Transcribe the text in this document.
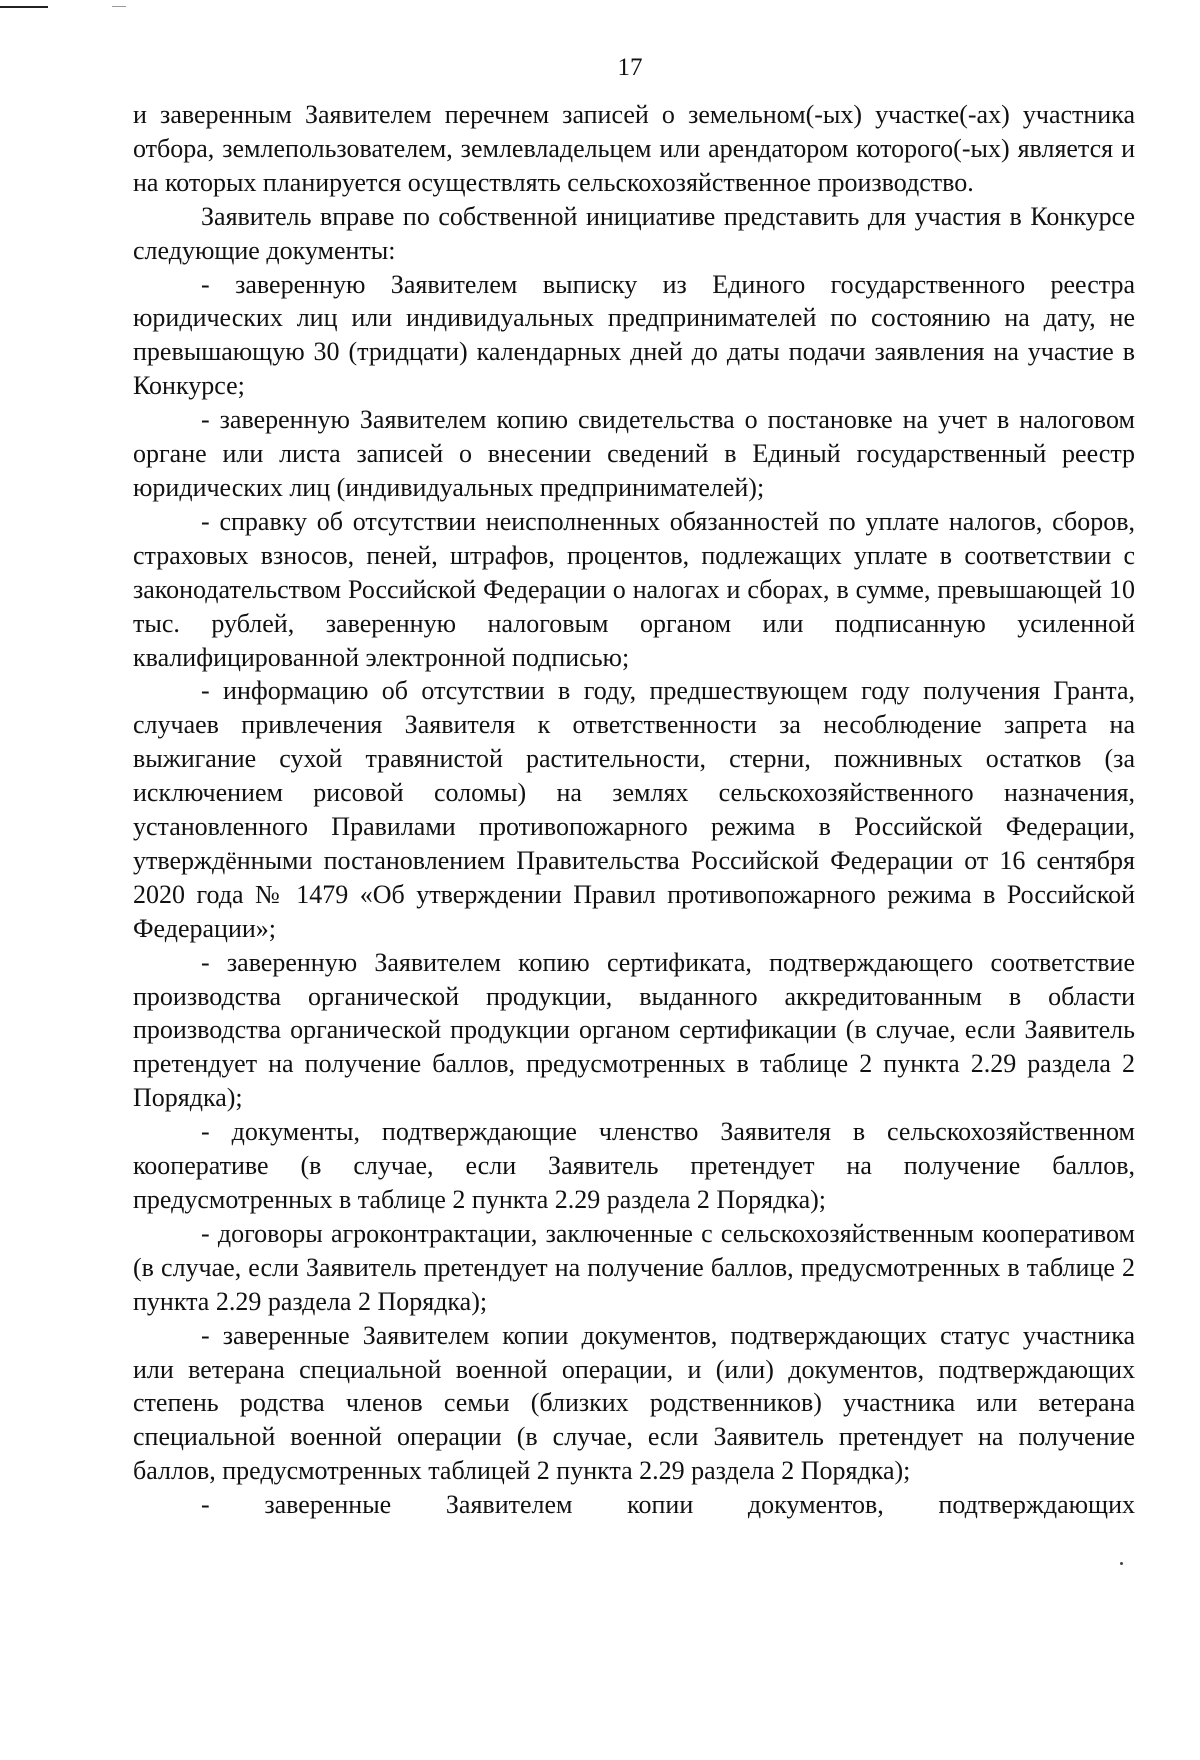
17

и заверенным Заявителем перечнем записей о земельном(-ых) участке(-ах) участника отбора, землепользователем, землевладельцем или арендатором которого(-ых) является и на которых планируется осуществлять сельскохозяйственное производство.

Заявитель вправе по собственной инициативе представить для участия в Конкурсе следующие документы:

- заверенную Заявителем выписку из Единого государственного реестра юридических лиц или индивидуальных предпринимателей по состоянию на дату, не превышающую 30 (тридцати) календарных дней до даты подачи заявления на участие в Конкурсе;

- заверенную Заявителем копию свидетельства о постановке на учет в налоговом органе или листа записей о внесении сведений в Единый государственный реестр юридических лиц (индивидуальных предпринимателей);

- справку об отсутствии неисполненных обязанностей по уплате налогов, сборов, страховых взносов, пеней, штрафов, процентов, подлежащих уплате в соответствии с законодательством Российской Федерации о налогах и сборах, в сумме, превышающей 10 тыс. рублей, заверенную налоговым органом или подписанную усиленной квалифицированной электронной подписью;

- информацию об отсутствии в году, предшествующем году получения Гранта, случаев привлечения Заявителя к ответственности за несоблюдение запрета на выжигание сухой травянистой растительности, стерни, пожнивных остатков (за исключением рисовой соломы) на землях сельскохозяйственного назначения, установленного Правилами противопожарного режима в Российской Федерации, утверждёнными постановлением Правительства Российской Федерации от 16 сентября 2020 года № 1479 «Об утверждении Правил противопожарного режима в Российской Федерации»;

- заверенную Заявителем копию сертификата, подтверждающего соответствие производства органической продукции, выданного аккредитованным в области производства органической продукции органом сертификации (в случае, если Заявитель претендует на получение баллов, предусмотренных в таблице 2 пункта 2.29 раздела 2 Порядка);

- документы, подтверждающие членство Заявителя в сельскохозяйственном кооперативе (в случае, если Заявитель претендует на получение баллов, предусмотренных в таблице 2 пункта 2.29 раздела 2 Порядка);

- договоры агроконтрактации, заключенные с сельскохозяйственным кооперативом (в случае, если Заявитель претендует на получение баллов, предусмотренных в таблице 2 пункта 2.29 раздела 2 Порядка);

- заверенные Заявителем копии документов, подтверждающих статус участника или ветерана специальной военной операции, и (или) документов, подтверждающих степень родства членов семьи (близких родственников) участника или ветерана специальной военной операции (в случае, если Заявитель претендует на получение баллов, предусмотренных таблицей 2 пункта 2.29 раздела 2 Порядка);

- заверенные Заявителем копии документов, подтверждающих
